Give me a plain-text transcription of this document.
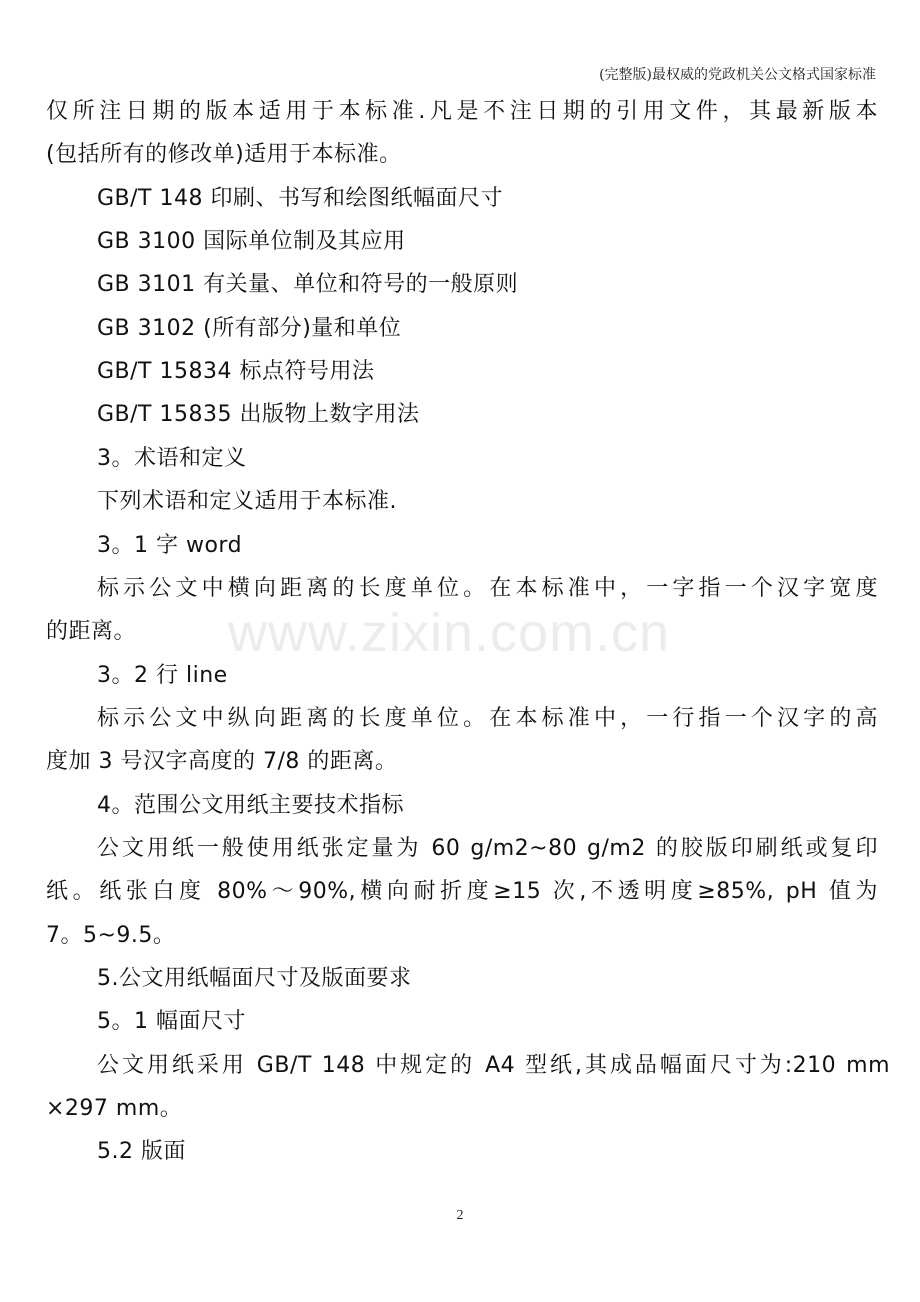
(完整版)最权威的党政机关公文格式国家标准
www.zixin.com.cn
仅所注日期的版本适用于本标准.凡是不注日期的引用文件，其最新版本
(包括所有的修改单)适用于本标准。
GB/T 148 印刷、书写和绘图纸幅面尺寸
GB 3100 国际单位制及其应用
GB 3101 有关量、单位和符号的一般原则
GB 3102 (所有部分)量和单位
GB/T 15834 标点符号用法
GB/T 15835 出版物上数字用法
3。术语和定义
下列术语和定义适用于本标准.
3。1 字 word
标示公文中横向距离的长度单位。在本标准中，一字指一个汉字宽度
的距离。
3。2 行 line
标示公文中纵向距离的长度单位。在本标准中，一行指一个汉字的高
度加 3 号汉字高度的 7/8 的距离。
4。范围公文用纸主要技术指标
公文用纸一般使用纸张定量为 60 g/m2~80 g/m2 的胶版印刷纸或复印
纸。纸张白度 80%～90%,横向耐折度≥15 次,不透明度≥85%, pH 值为
7。5~9.5。
5.公文用纸幅面尺寸及版面要求
5。1 幅面尺寸
公文用纸采用 GB/T 148 中规定的 A4 型纸,其成品幅面尺寸为:210 mm
×297 mm。
5.2 版面
2
